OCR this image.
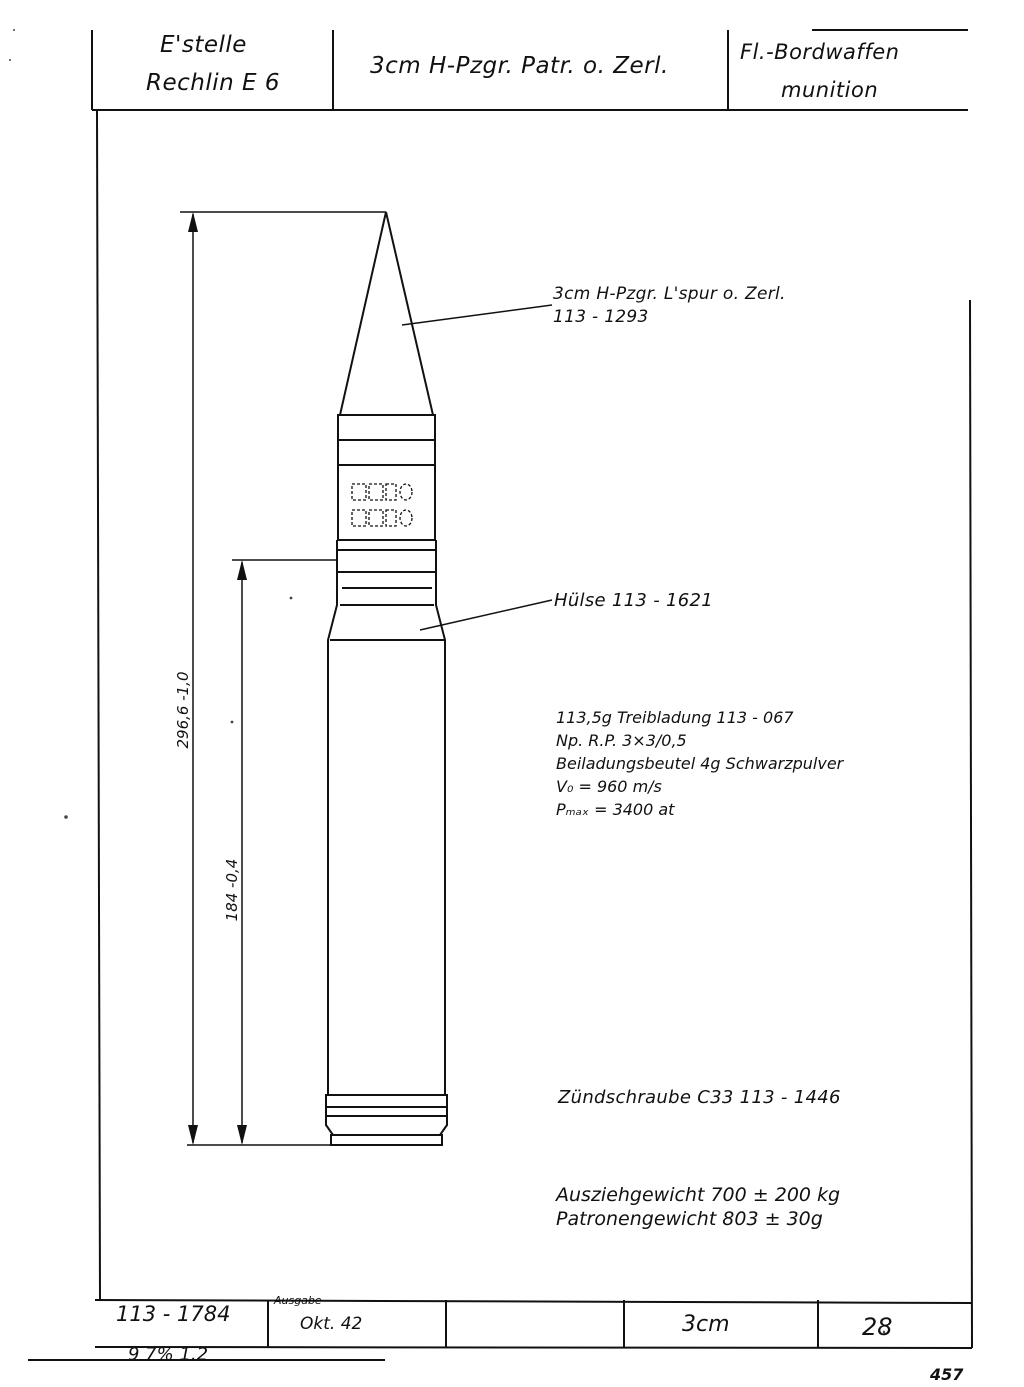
E'stelle
Rechlin E 6
3cm H-Pzgr. Patr. o. Zerl.
Fl.-Bordwaffen
munition
3cm H-Pzgr. L'spur o. Zerl.
113 - 1293
Hülse 113 - 1621
113,5g Treibladung 113 - 067
Np. R.P. 3×3/0,5
Beiladungsbeutel 4g Schwarzpulver
V₀ = 960 m/s
Pₘₐₓ = 3400 at
Zündschraube C33 113 - 1446
Ausziehgewicht 700 ± 200 kg
Patronengewicht 803 ± 30g
296,6 -1,0
184 -0,4
113 - 1784
Ausgabe
Okt. 42	3cm	28
9 7% 1.2
457
